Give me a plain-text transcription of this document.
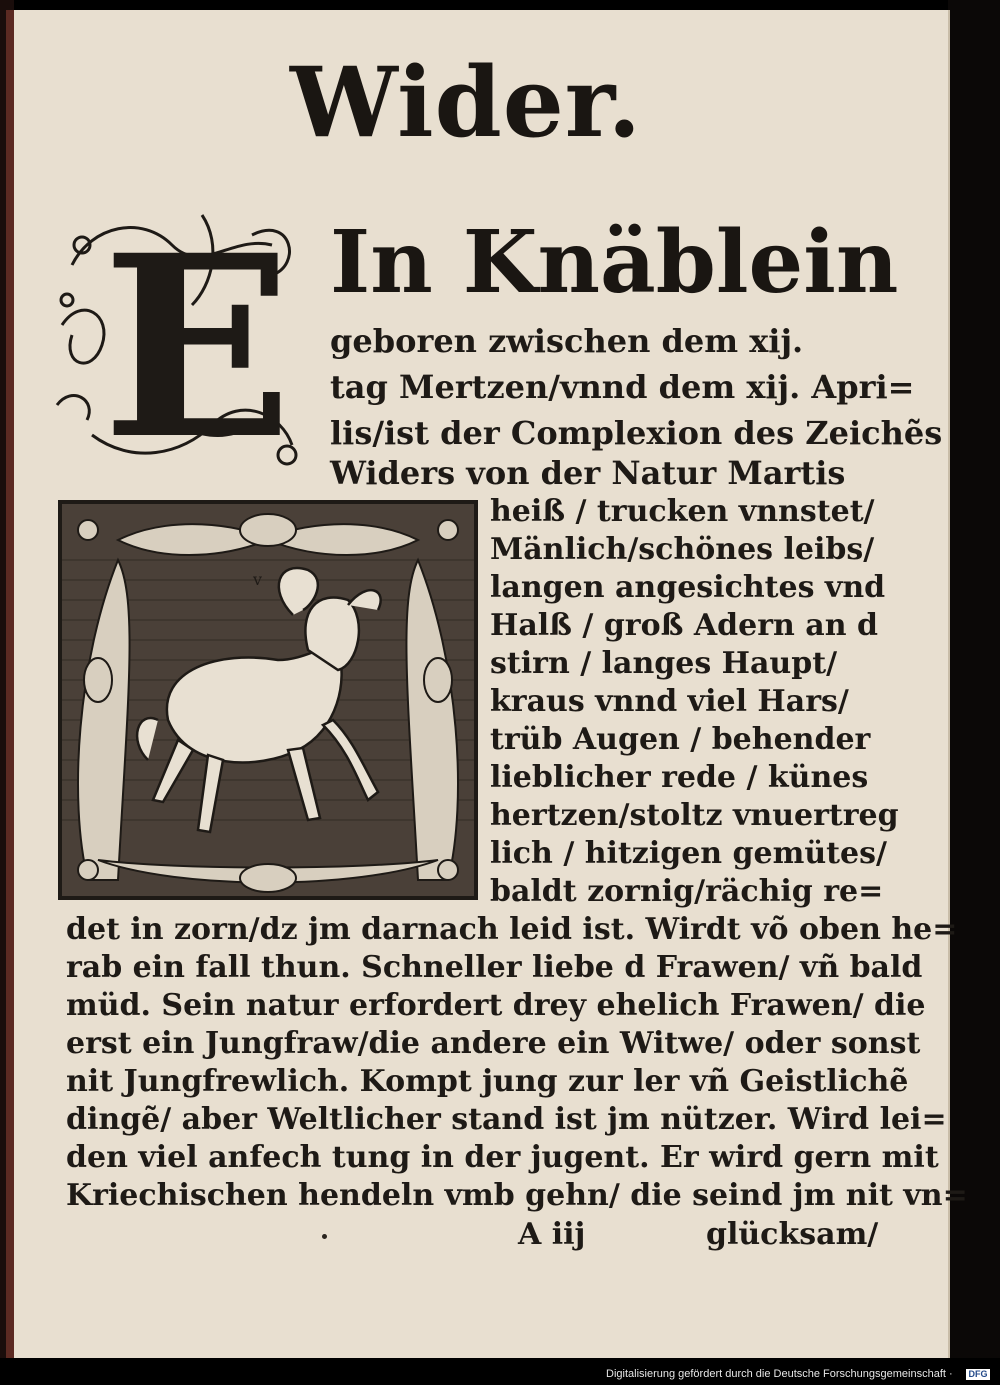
Wider.
E In Knäblein
geboren zwischen dem xij.
tag Mertzen/vnnd dem xij. Apri=
lis/ist der Complexion des Zeichẽs
Widers von der Natur Martis
v
heiß / trucken vnnstet/
Mänlich/schönes leibs/
langen angesichtes vnd
Halß / groß Adern an d
stirn / langes Haupt/
kraus vnnd viel Hars/
trüb Augen / behender
lieblicher rede / künes
hertzen/stoltz vnuertreg
lich / hitzigen gemütes/
baldt zornig/rächig re=
det in zorn/dz jm darnach leid ist. Wirdt võ oben he=
rab ein fall thun. Schneller liebe d Frawen/ vñ bald
müd. Sein natur erfordert drey ehelich Frawen/ die
erst ein Jungfraw/die andere ein Witwe/ oder sonst
nit Jungfrewlich. Kompt jung zur ler vñ Geistlichẽ
dingẽ/ aber Weltlicher stand ist jm nützer. Wird lei=
den viel anfech tung in der jugent. Er wird gern mit
Kriechischen hendeln vmb gehn/ die seind jm nit vn=
A iij	glücksam/
Digitalisierung gefördert durch die Deutsche Forschungsgemeinschaft ·	DFG
